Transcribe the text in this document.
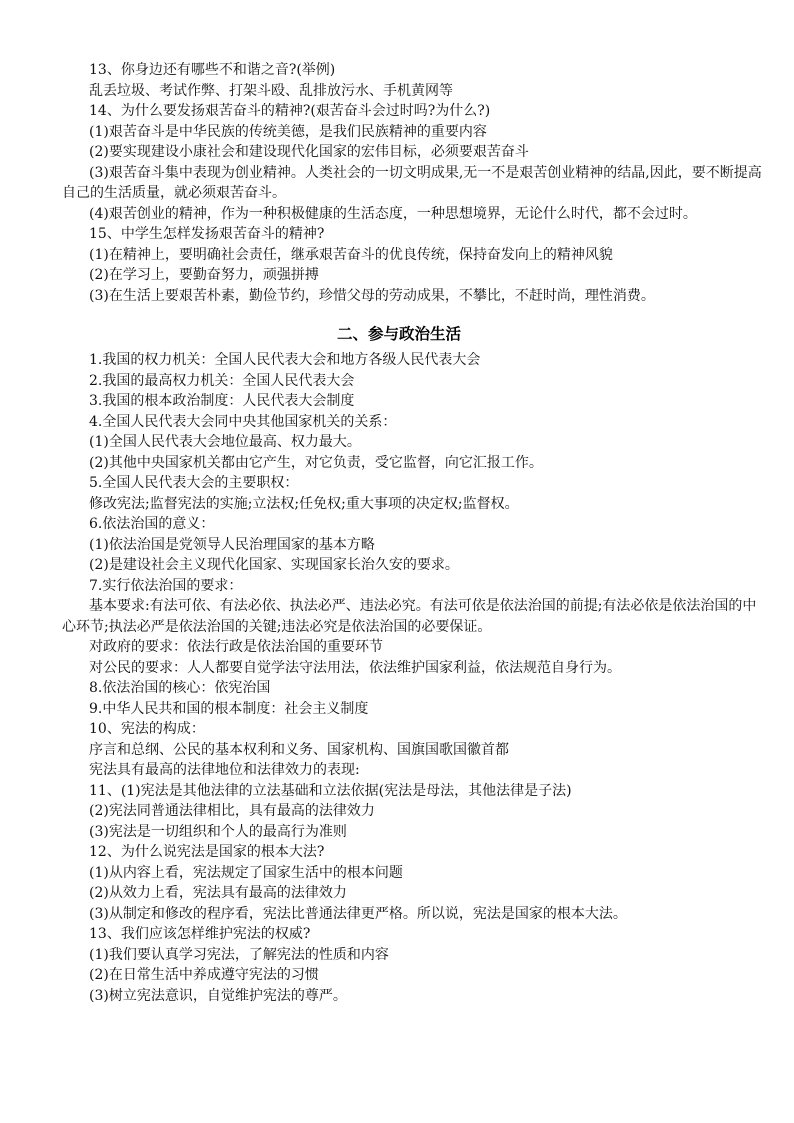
13、你身边还有哪些不和谐之音?(举例)

乱丢垃圾、考试作弊、打架斗殴、乱排放污水、手机黄网等

14、为什么要发扬艰苦奋斗的精神?(艰苦奋斗会过时吗?为什么?)

(1)艰苦奋斗是中华民族的传统美德，是我们民族精神的重要内容

(2)要实现建设小康社会和建设现代化国家的宏伟目标，必须要艰苦奋斗

(3)艰苦奋斗集中表现为创业精神。人类社会的一切文明成果,无一不是艰苦创业精神的结晶,因此，要不断提高自己的生活质量，就必须艰苦奋斗。

(4)艰苦创业的精神，作为一种积极健康的生活态度，一种思想境界，无论什么时代，都不会过时。

15、中学生怎样发扬艰苦奋斗的精神?

(1)在精神上，要明确社会责任，继承艰苦奋斗的优良传统，保持奋发向上的精神风貌

(2)在学习上，要勤奋努力，顽强拼搏

(3)在生活上要艰苦朴素，勤俭节约，珍惜父母的劳动成果，不攀比，不赶时尚，理性消费。

二、参与政治生活

1.我国的权力机关：全国人民代表大会和地方各级人民代表大会

2.我国的最高权力机关：全国人民代表大会

3.我国的根本政治制度：人民代表大会制度

4.全国人民代表大会同中央其他国家机关的关系：

(1)全国人民代表大会地位最高、权力最大。

(2)其他中央国家机关都由它产生，对它负责，受它监督，向它汇报工作。

5.全国人民代表大会的主要职权：

修改宪法;监督宪法的实施;立法权;任免权;重大事项的决定权;监督权。

6.依法治国的意义：

(1)依法治国是党领导人民治理国家的基本方略

(2)是建设社会主义现代化国家、实现国家长治久安的要求。

7.实行依法治国的要求：

基本要求:有法可依、有法必依、执法必严、违法必究。有法可依是依法治国的前提;有法必依是依法治国的中心环节;执法必严是依法治国的关键;违法必究是依法治国的必要保证。

对政府的要求：依法行政是依法治国的重要环节

对公民的要求：人人都要自觉学法守法用法，依法维护国家利益，依法规范自身行为。

8.依法治国的核心：依宪治国

9.中华人民共和国的根本制度：社会主义制度

10、宪法的构成：

序言和总纲、公民的基本权利和义务、国家机构、国旗国歌国徽首都

宪法具有最高的法律地位和法律效力的表现:

11、(1)宪法是其他法律的立法基础和立法依据(宪法是母法，其他法律是子法)

(2)宪法同普通法律相比，具有最高的法律效力

(3)宪法是一切组织和个人的最高行为准则

12、为什么说宪法是国家的根本大法?

(1)从内容上看，宪法规定了国家生活中的根本问题

(2)从效力上看，宪法具有最高的法律效力

(3)从制定和修改的程序看，宪法比普通法律更严格。所以说，宪法是国家的根本大法。

13、我们应该怎样维护宪法的权威?

(1)我们要认真学习宪法，了解宪法的性质和内容

(2)在日常生活中养成遵守宪法的习惯

(3)树立宪法意识，自觉维护宪法的尊严。
